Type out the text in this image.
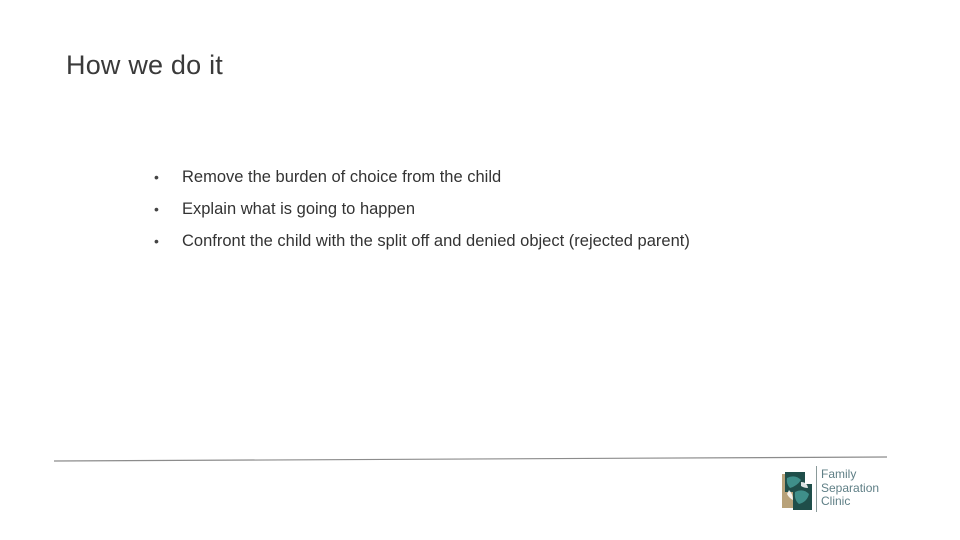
How we do it
•	Remove the burden of choice from the child
•	Explain what is going to happen
•	Confront the child with the split off and denied object (rejected parent)
Family
Separation
Clinic
